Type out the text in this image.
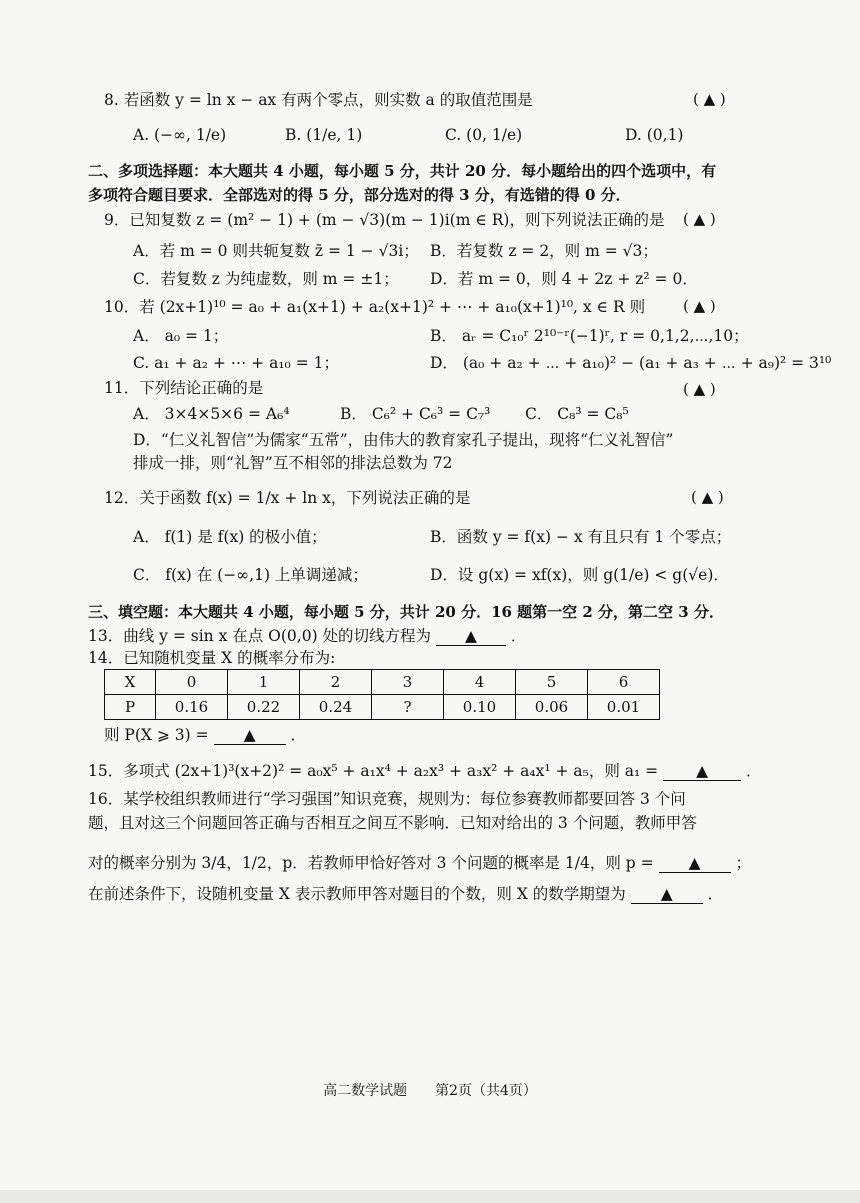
8. 若函数 y = ln x − ax 有两个零点，则实数 a 的取值范围是	( ▲ )
A. (−∞, 1/e)	B. (1/e, 1)	C. (0, 1/e)	D. (0,1)
二、多项选择题：本大题共 4 小题，每小题 5 分，共计 20 分．每小题给出的四个选项中，有
多项符合题目要求．全部选对的得 5 分，部分选对的得 3 分，有选错的得 0 分．
9．已知复数 z = (m² − 1) + (m − √3)(m − 1)i(m ∈ R)，则下列说法正确的是 ( ▲ )
A．若 m = 0 则共轭复数 z̄ = 1 − √3i； B．若复数 z = 2，则 m = √3；
C．若复数 z 为纯虚数，则 m = ±1； D．若 m = 0，则 4 + 2z + z² = 0．
10．若 (2x+1)¹⁰ = a₀ + a₁(x+1) + a₂(x+1)² + ⋯ + a₁₀(x+1)¹⁰, x ∈ R 则	( ▲ )
A． a₀ = 1；	B． aᵣ = C₁₀ʳ 2¹⁰⁻ʳ(−1)ʳ, r = 0,1,2,⋯,10；
C. a₁ + a₂ + ⋯ + a₁₀ = 1；	D． (a₀ + a₂ + ⋯ + a₁₀)² − (a₁ + a₃ + ⋯ + a₉)² = 3¹⁰
11．下列结论正确的是	( ▲ )
A． 3×4×5×6 = A₆⁴	B． C₆² + C₆³ = C₇³ C． C₈³ = C₈⁵
D．“仁义礼智信”为儒家“五常”，由伟大的教育家孔子提出，现将“仁义礼智信”
排成一排，则“礼智”互不相邻的排法总数为 72
12．关于函数 f(x) = 1/x + ln x，下列说法正确的是	( ▲ )
A． f(1) 是 f(x) 的极小值；	B．函数 y = f(x) − x 有且只有 1 个零点；
C． f(x) 在 (−∞,1) 上单调递减；	D．设 g(x) = xf(x)，则 g(1/e) < g(√e)．
三、填空题：本大题共 4 小题，每小题 5 分，共计 20 分．16 题第一空 2 分，第二空 3 分．
13．曲线 y = sin x 在点 O(0,0) 处的切线方程为 ▲ ．
14．已知随机变量 X 的概率分布为:
X	0	1	2	3	4	5	6
P	0.16	0.22	0.24	?	0.10	0.06	0.01
则 P(X ⩾ 3) = ▲ ．
15．多项式 (2x+1)³(x+2)² = a₀x⁵ + a₁x⁴ + a₂x³ + a₃x² + a₄x¹ + a₅，则 a₁ = ▲ ．
16．某学校组织教师进行“学习强国”知识竞赛，规则为：每位参赛教师都要回答 3 个问
题，且对这三个问题回答正确与否相互之间互不影响．已知对给出的 3 个问题，教师甲答
对的概率分别为 3/4，1/2，p．若教师甲恰好答对 3 个问题的概率是 1/4，则 p = ▲ ；
在前述条件下，设随机变量 X 表示教师甲答对题目的个数，则 X 的数学期望为 ▲ ．
高二数学试题　　第2页（共4页）
